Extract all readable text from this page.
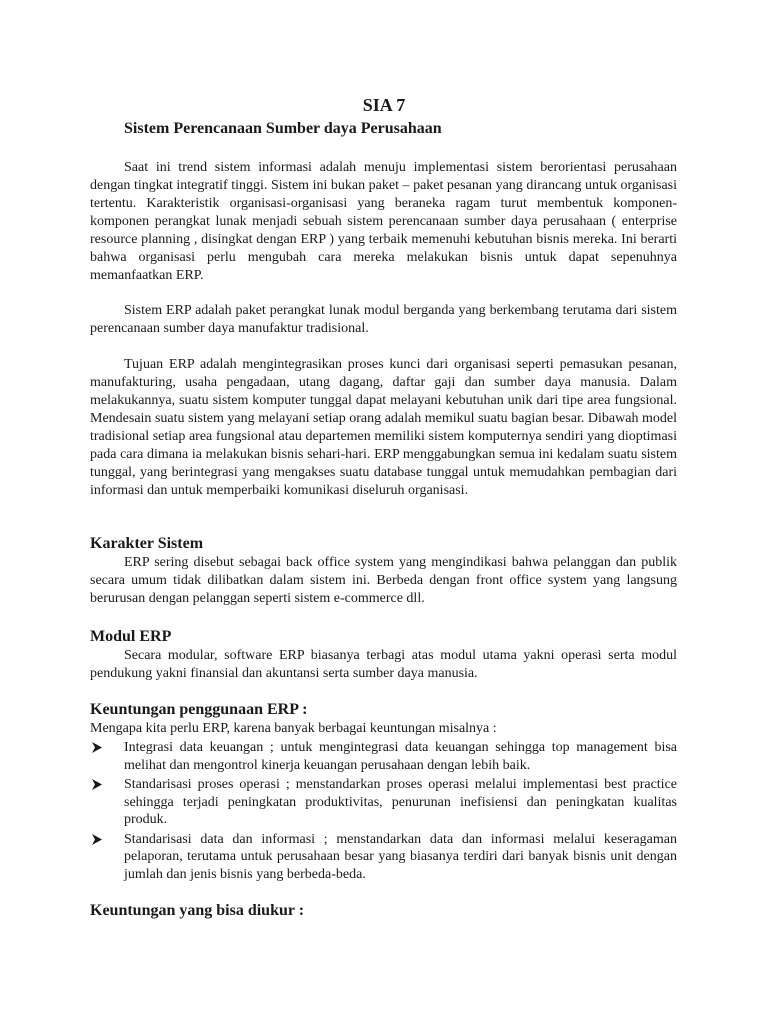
SIA 7
Sistem Perencanaan Sumber daya Perusahaan

Saat ini trend sistem informasi adalah menuju implementasi sistem berorientasi perusahaan dengan tingkat integratif tinggi. Sistem ini bukan paket – paket pesanan yang dirancang untuk organisasi tertentu. Karakteristik organisasi-organisasi yang beraneka ragam turut membentuk komponen-komponen perangkat lunak menjadi sebuah sistem perencanaan sumber daya perusahaan ( enterprise resource planning , disingkat dengan ERP ) yang terbaik memenuhi kebutuhan bisnis mereka. Ini berarti bahwa organisasi perlu mengubah cara mereka melakukan bisnis untuk dapat sepenuhnya memanfaatkan ERP.

Sistem ERP adalah paket perangkat lunak modul berganda yang berkembang terutama dari sistem perencanaan sumber daya manufaktur tradisional.

Tujuan ERP adalah mengintegrasikan proses kunci dari organisasi seperti pemasukan pesanan, manufakturing, usaha pengadaan, utang dagang, daftar gaji dan sumber daya manusia. Dalam melakukannya, suatu sistem komputer tunggal dapat melayani kebutuhan unik dari tipe area fungsional. Mendesain suatu sistem yang melayani setiap orang adalah memikul suatu bagian besar. Dibawah model tradisional setiap area fungsional atau departemen memiliki sistem komputernya sendiri yang dioptimasi pada cara dimana ia melakukan bisnis sehari-hari. ERP menggabungkan semua ini kedalam suatu sistem tunggal, yang berintegrasi yang mengakses suatu database tunggal untuk memudahkan pembagian dari informasi dan untuk memperbaiki komunikasi diseluruh organisasi.

Karakter Sistem

ERP sering disebut sebagai back office system yang mengindikasi bahwa pelanggan dan publik secara umum tidak dilibatkan dalam sistem ini. Berbeda dengan front office system yang langsung berurusan dengan pelanggan seperti sistem e-commerce dll.

Modul ERP

Secara modular, software ERP biasanya terbagi atas modul utama yakni operasi serta modul pendukung yakni finansial dan akuntansi serta sumber daya manusia.

Keuntungan penggunaan ERP :

Mengapa kita perlu ERP, karena banyak berbagai keuntungan misalnya :

Integrasi data keuangan ; untuk mengintegrasi data keuangan sehingga top management bisa melihat dan mengontrol kinerja keuangan perusahaan dengan lebih baik.
Standarisasi proses operasi ; menstandarkan proses operasi melalui implementasi best practice sehingga terjadi peningkatan produktivitas, penurunan inefisiensi dan peningkatan kualitas produk.
Standarisasi data dan informasi ; menstandarkan data dan informasi melalui keseragaman pelaporan, terutama untuk perusahaan besar yang biasanya terdiri dari banyak bisnis unit dengan jumlah dan jenis bisnis yang berbeda-beda.
Keuntungan yang bisa diukur :
